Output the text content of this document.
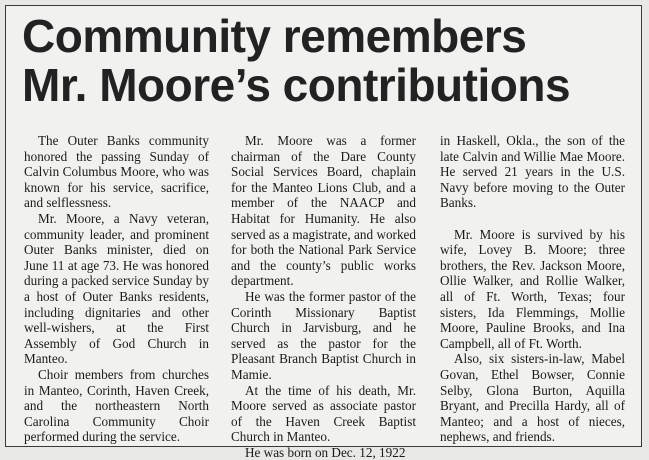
Community remembers
Mr. Moore’s contributions

The Outer Banks community honored the passing Sunday of Calvin Columbus Moore, who was known for his service, sacrifice, and selflessness.

Mr. Moore, a Navy veteran, community leader, and prominent Outer Banks minister, died on June 11 at age 73. He was honored during a packed service Sunday by a host of Outer Banks residents, including dignitaries and other well-wishers, at the First Assembly of God Church in Manteo.

Choir members from churches in Manteo, Corinth, Haven Creek, and the northeastern North Carolina Community Choir performed during the service.

Mr. Moore was a former chairman of the Dare County Social Services Board, chaplain for the Manteo Lions Club, and a member of the NAACP and Habitat for Humanity. He also served as a magistrate, and worked for both the National Park Service and the county’s public works department.

He was the former pastor of the Corinth Missionary Baptist Church in Jarvisburg, and he served as the pastor for the Pleasant Branch Baptist Church in Mamie.

At the time of his death, Mr. Moore served as associate pastor of the Haven Creek Baptist Church in Manteo.

He was born on Dec. 12, 1922

in Haskell, Okla., the son of the late Calvin and Willie Mae Moore. He served 21 years in the U.S. Navy before moving to the Outer Banks.

Mr. Moore is survived by his wife, Lovey B. Moore; three brothers, the Rev. Jackson Moore, Ollie Walker, and Rollie Walker, all of Ft. Worth, Texas; four sisters, Ida Flemmings, Mollie Moore, Pauline Brooks, and Ina Campbell, all of Ft. Worth.

Also, six sisters-in-law, Mabel Govan, Ethel Bowser, Connie Selby, Glona Burton, Aquilla Bryant, and Precilla Hardy, all of Manteo; and a host of nieces, nephews, and friends.
